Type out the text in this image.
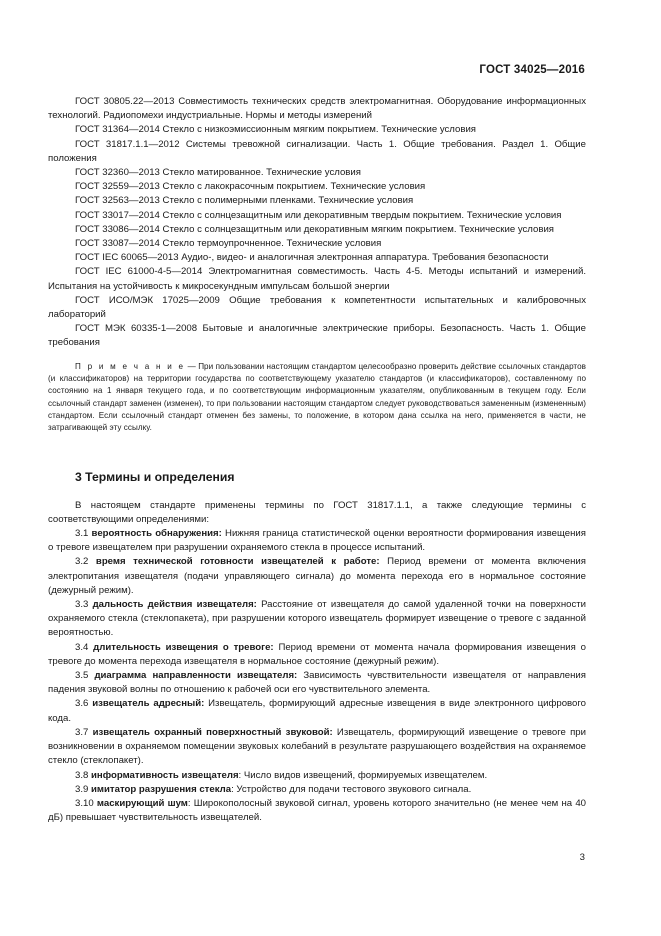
ГОСТ 34025—2016

ГОСТ 30805.22—2013 Совместимость технических средств электромагнитная. Оборудование информационных технологий. Радиопомехи индустриальные. Нормы и методы измерений

ГОСТ 31364—2014 Стекло с низкоэмиссионным мягким покрытием. Технические условия

ГОСТ 31817.1.1—2012 Системы тревожной сигнализации. Часть 1. Общие требования. Раздел 1. Общие положения

ГОСТ 32360—2013 Стекло матированное. Технические условия

ГОСТ 32559—2013 Стекло с лакокрасочным покрытием. Технические условия

ГОСТ 32563—2013 Стекло с полимерными пленками. Технические условия

ГОСТ 33017—2014 Стекло с солнцезащитным или декоративным твердым покрытием. Технические условия

ГОСТ 33086—2014 Стекло с солнцезащитным или декоративным мягким покрытием. Технические условия

ГОСТ 33087—2014 Стекло термоупрочненное. Технические условия

ГОСТ IEC 60065—2013 Аудио-, видео- и аналогичная электронная аппаратура. Требования безопасности

ГОСТ IEC 61000-4-5—2014 Электромагнитная совместимость. Часть 4-5. Методы испытаний и измерений. Испытания на устойчивость к микросекундным импульсам большой энергии

ГОСТ ИСО/МЭК 17025—2009 Общие требования к компетентности испытательных и калибровочных лабораторий

ГОСТ МЭК 60335-1—2008 Бытовые и аналогичные электрические приборы. Безопасность. Часть 1. Общие требования

П р и м е ч а н и е — При пользовании настоящим стандартом целесообразно проверить действие ссылочных стандартов (и классификаторов) на территории государства по соответствующему указателю стандартов (и классификаторов), составленному по состоянию на 1 января текущего года, и по соответствующим информационным указателям, опубликованным в текущем году. Если ссылочный стандарт заменен (изменен), то при пользовании настоящим стандартом следует руководствоваться замененным (измененным) стандартом. Если ссылочный стандарт отменен без замены, то положение, в котором дана ссылка на него, применяется в части, не затрагивающей эту ссылку.

3 Термины и определения

В настоящем стандарте применены термины по ГОСТ 31817.1.1, а также следующие термины с соответствующими определениями:

3.1 вероятность обнаружения: Нижняя граница статистической оценки вероятности формирования извещения о тревоге извещателем при разрушении охраняемого стекла в процессе испытаний.

3.2 время технической готовности извещателей к работе: Период времени от момента включения электропитания извещателя (подачи управляющего сигнала) до момента перехода его в нормальное состояние (дежурный режим).

3.3 дальность действия извещателя: Расстояние от извещателя до самой удаленной точки на поверхности охраняемого стекла (стеклопакета), при разрушении которого извещатель формирует извещение о тревоге с заданной вероятностью.

3.4 длительность извещения о тревоге: Период времени от момента начала формирования извещения о тревоге до момента перехода извещателя в нормальное состояние (дежурный режим).

3.5 диаграмма направленности извещателя: Зависимость чувствительности извещателя от направления падения звуковой волны по отношению к рабочей оси его чувствительного элемента.

3.6 извещатель адресный: Извещатель, формирующий адресные извещения в виде электронного цифрового кода.

3.7 извещатель охранный поверхностный звуковой: Извещатель, формирующий извещение о тревоге при возникновении в охраняемом помещении звуковых колебаний в результате разрушающего воздействия на охраняемое стекло (стеклопакет).

3.8 информативность извещателя: Число видов извещений, формируемых извещателем.

3.9 имитатор разрушения стекла: Устройство для подачи тестового звукового сигнала.

3.10 маскирующий шум: Широкополосный звуковой сигнал, уровень которого значительно (не менее чем на 40 дБ) превышает чувствительность извещателей.

3
